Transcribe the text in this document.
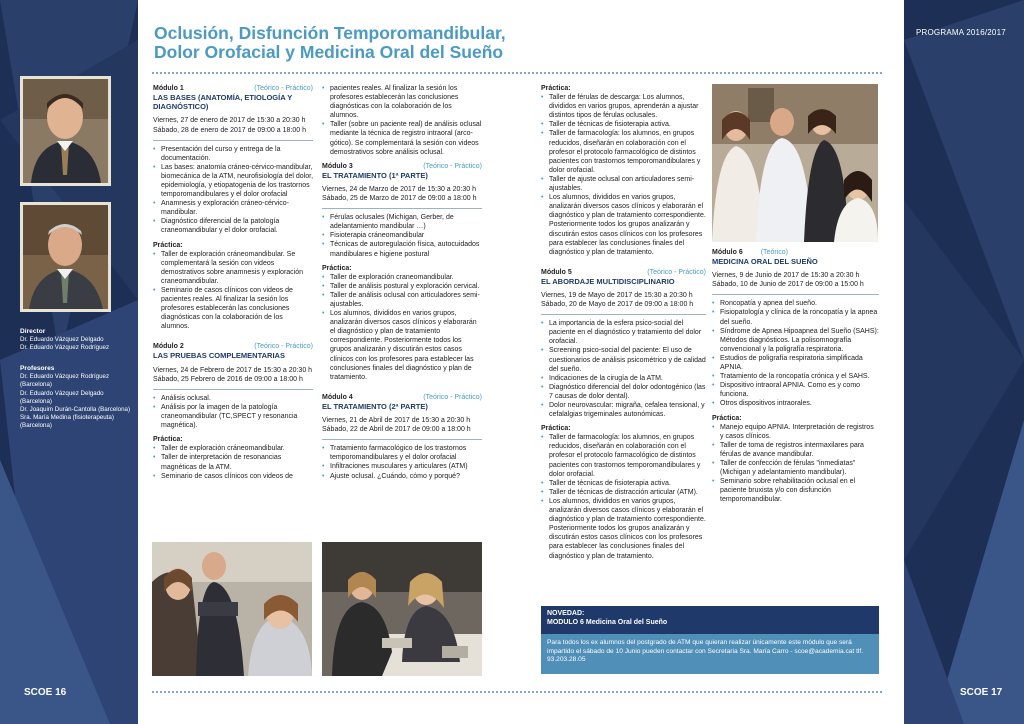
PROGRAMA 2016/2017
SCOE 16	SCOE 17
Director
Dr. Eduardo Vázquez Delgado
Dr. Eduardo Vázquez Rodríguez
Profesores
Dr. Eduardo Vázquez Rodríguez
(Barcelona)
Dr. Eduardo Vázquez Delgado
(Barcelona)
Dr. Joaquim Durán-Cantolla (Barcelona)
Sra. María Medina (fisioterapeuta)
(Barcelona)
Oclusión, Disfunción Temporomandibular,
Dolor Orofacial y Medicina Oral del Sueño
Módulo 1	(Teórico - Práctico)
LAS BASES (ANATOMÍA, ETIOLOGÍA Y DIAGNÓSTICO)
Viernes, 27 de enero de 2017 de 15:30 a 20:30 h
Sábado, 28 de enero de 2017 de 09:00 a 18:00 h
• Presentación del curso y entrega de la documentación.
• Las bases: anatomía cráneo-cérvico-mandibular, biomecánica de la ATM, neurofisiología del dolor, epidemiología, y etiopatogenia de los trastornos temporomandibulares y el dolor orofacial
• Anamnesis y exploración cráneo-cérvico-mandibular.
• Diagnóstico diferencial de la patología craneomandibular y el dolor orofacial.
Práctica:
• Taller de exploración cráneomandibular. Se complementará la sesión con videos demostrativos sobre anamnesis y exploración craneomandibular.
• Seminario de casos clínicos con videos de pacientes reales. Al finalizar la sesión los profesores establecerán las conclusiones diagnósticas con la colaboración de los alumnos.
Módulo 2	(Teórico - Práctico)
LAS PRUEBAS COMPLEMENTARIAS
Viernes, 24 de Febrero de 2017 de 15:30 a 20:30 h
Sábado, 25 Febrero de 2016 de 09:00 a 18:00 h
• Análisis oclusal.
• Análisis por la imagen de la patología craneomandibular (TC,SPECT y resonancia magnética).
Práctica:
• Taller de exploración cráneomandibular.
• Taller de interpretación de resonancias magnéticas de la ATM.
• Seminario de casos clínicos con videos de
• pacientes reales. Al finalizar la sesión los profesores establecerán las conclusiones diagnósticas con la colaboración de los alumnos.
• Taller (sobre un paciente real) de análisis oclusal mediante la técnica de registro intraoral (arco-gótico). Se complementará la sesión con videos demostrativos sobre análisis oclusal.
Módulo 3	(Teórico - Práctico)
EL TRATAMIENTO (1ª PARTE)
Viernes, 24 de Marzo de 2017 de 15:30 a 20:30 h
Sábado, 25 de Marzo de 2017 de 09:00 a 18:00 h
• Férulas oclusales (Michigan, Gerber, de adelantamiento mandibular …)
• Fisioterapia cráneomandibular
• Técnicas de autoregulación física, autocuidados mandibulares e higiene postural
Práctica:
• Taller de exploración craneomandibular.
• Taller de análisis postural y exploración cervical.
• Taller de análisis oclusal con articuladores semi-ajustables.
• Los alumnos, divididos en varios grupos, analizarán diversos casos clínicos y elaborarán el diagnóstico y plan de tratamiento correspondiente. Posteriormente todos los grupos analizarán y discutirán estos casos clínicos con los profesores para establecer las conclusiones finales del diagnóstico y plan de tratamiento.
Módulo 4	(Teórico - Práctico)
EL TRATAMIENTO (2ª PARTE)
Viernes, 21 de Abril de 2017 de 15:30 a 20:30 h
Sábado, 22 de Abril de 2017 de 09:00 a 18:00 h
• Tratamiento farmacológico de los trastornos temporomandibulares y el dolor orofacial
• Infiltraciones musculares y articulares (ATM)
• Ajuste oclusal. ¿Cuándo, cómo y porqué?
Práctica:
• Taller de férulas de descarga: Los alumnos, divididos en varios grupos, aprenderán a ajustar distintos tipos de férulas oclusales.
• Taller de técnicas de fisioterapia activa.
• Taller de farmacología: los alumnos, en grupos reducidos, diseñarán en colaboración con el profesor el protocolo farmacológico de distintos pacientes con trastornos temporomandibulares y dolor orofacial.
• Taller de ajuste oclusal con articuladores semi-ajustables.
• Los alumnos, divididos en varios grupos, analizarán diversos casos clínicos y elaborarán el diagnóstico y plan de tratamiento correspondiente. Posteriormente todos los grupos analizarán y discutirán estos casos clínicos con los profesores para establecer las conclusiones finales del diagnóstico y plan de tratamiento.
Módulo 5	(Teórico - Práctico)
EL ABORDAJE MULTIDISCIPLINARIO
Viernes, 19 de Mayo de 2017 de 15:30 a 20:30 h
Sábado, 20 de Mayo de 2017 de 09:00 a 18:00 h
• La importancia de la esfera psico-social del paciente en el diagnóstico y tratamiento del dolor orofacial.
• Screening psico-social del paciente: El uso de cuestionarios de análisis psicométrico y de calidad del sueño.
• Indicaciones de la cirugía de la ATM.
• Diagnóstico diferencial del dolor odontogénico (las 7 causas de dolor dental).
• Dolor neurovascular: migraña, cefalea tensional, y cefalalgias trigeminales autonómicas.
Práctica:
• Taller de farmacología: los alumnos, en grupos reducidos, diseñarán en colaboración con el profesor el protocolo farmacológico de distintos pacientes con trastornos temporomandibulares y dolor orofacial.
• Taller de técnicas de fisioterapia activa.
• Taller de técnicas de distracción articular (ATM).
• Los alumnos, divididos en varios grupos, analizarán diversos casos clínicos y elaborarán el diagnóstico y plan de tratamiento correspondiente. Posteriormente todos los grupos analizarán y discutirán estos casos clínicos con los profesores para establecer las conclusiones finales del diagnóstico y plan de tratamiento.
Módulo 6	(Teórico)
MEDICINA ORAL DEL SUEÑO
Viernes, 9 de Junio de 2017 de 15:30 a 20:30 h
Sábado, 10 de Junio de 2017 de 09:00 a 15:00 h
• Roncopatía y apnea del sueño.
• Fisiopatología y clínica de la roncopatía y la apnea del sueño.
• Síndrome de Apnea Hipoapnea del Sueño (SAHS): Métodos diagnósticos. La polisomnografía convencional y la poligrafía respiratoria.
• Estudios de poligrafía respiratoria simplificada APNIA.
• Tratamiento de la roncopatía crónica y el SAHS.
• Dispositivo intraoral APNIA. Como es y como funciona.
• Otros dispositivos intraorales.
Práctica:
• Manejo equipo APNIA. Interpretación de registros y casos clínicos.
• Taller de toma de registros intermaxilares para férulas de avance mandibular.
• Taller de confección de férulas "inmediatas" (Michigan y adelantamiento mandibular).
• Seminario sobre rehabilitación oclusal en el paciente bruxista y/o con disfunción temporomandibular.
NOVEDAD:
MODULO 6 Medicina Oral del Sueño
Para todos los ex alumnos del postgrado de ATM que quieran realizar únicamente este módulo que será impartido el sábado de 10 Junio pueden contactar con Secretaria Sra. María Carro - scoe@academia.cat tlf. 93.203.28.05
